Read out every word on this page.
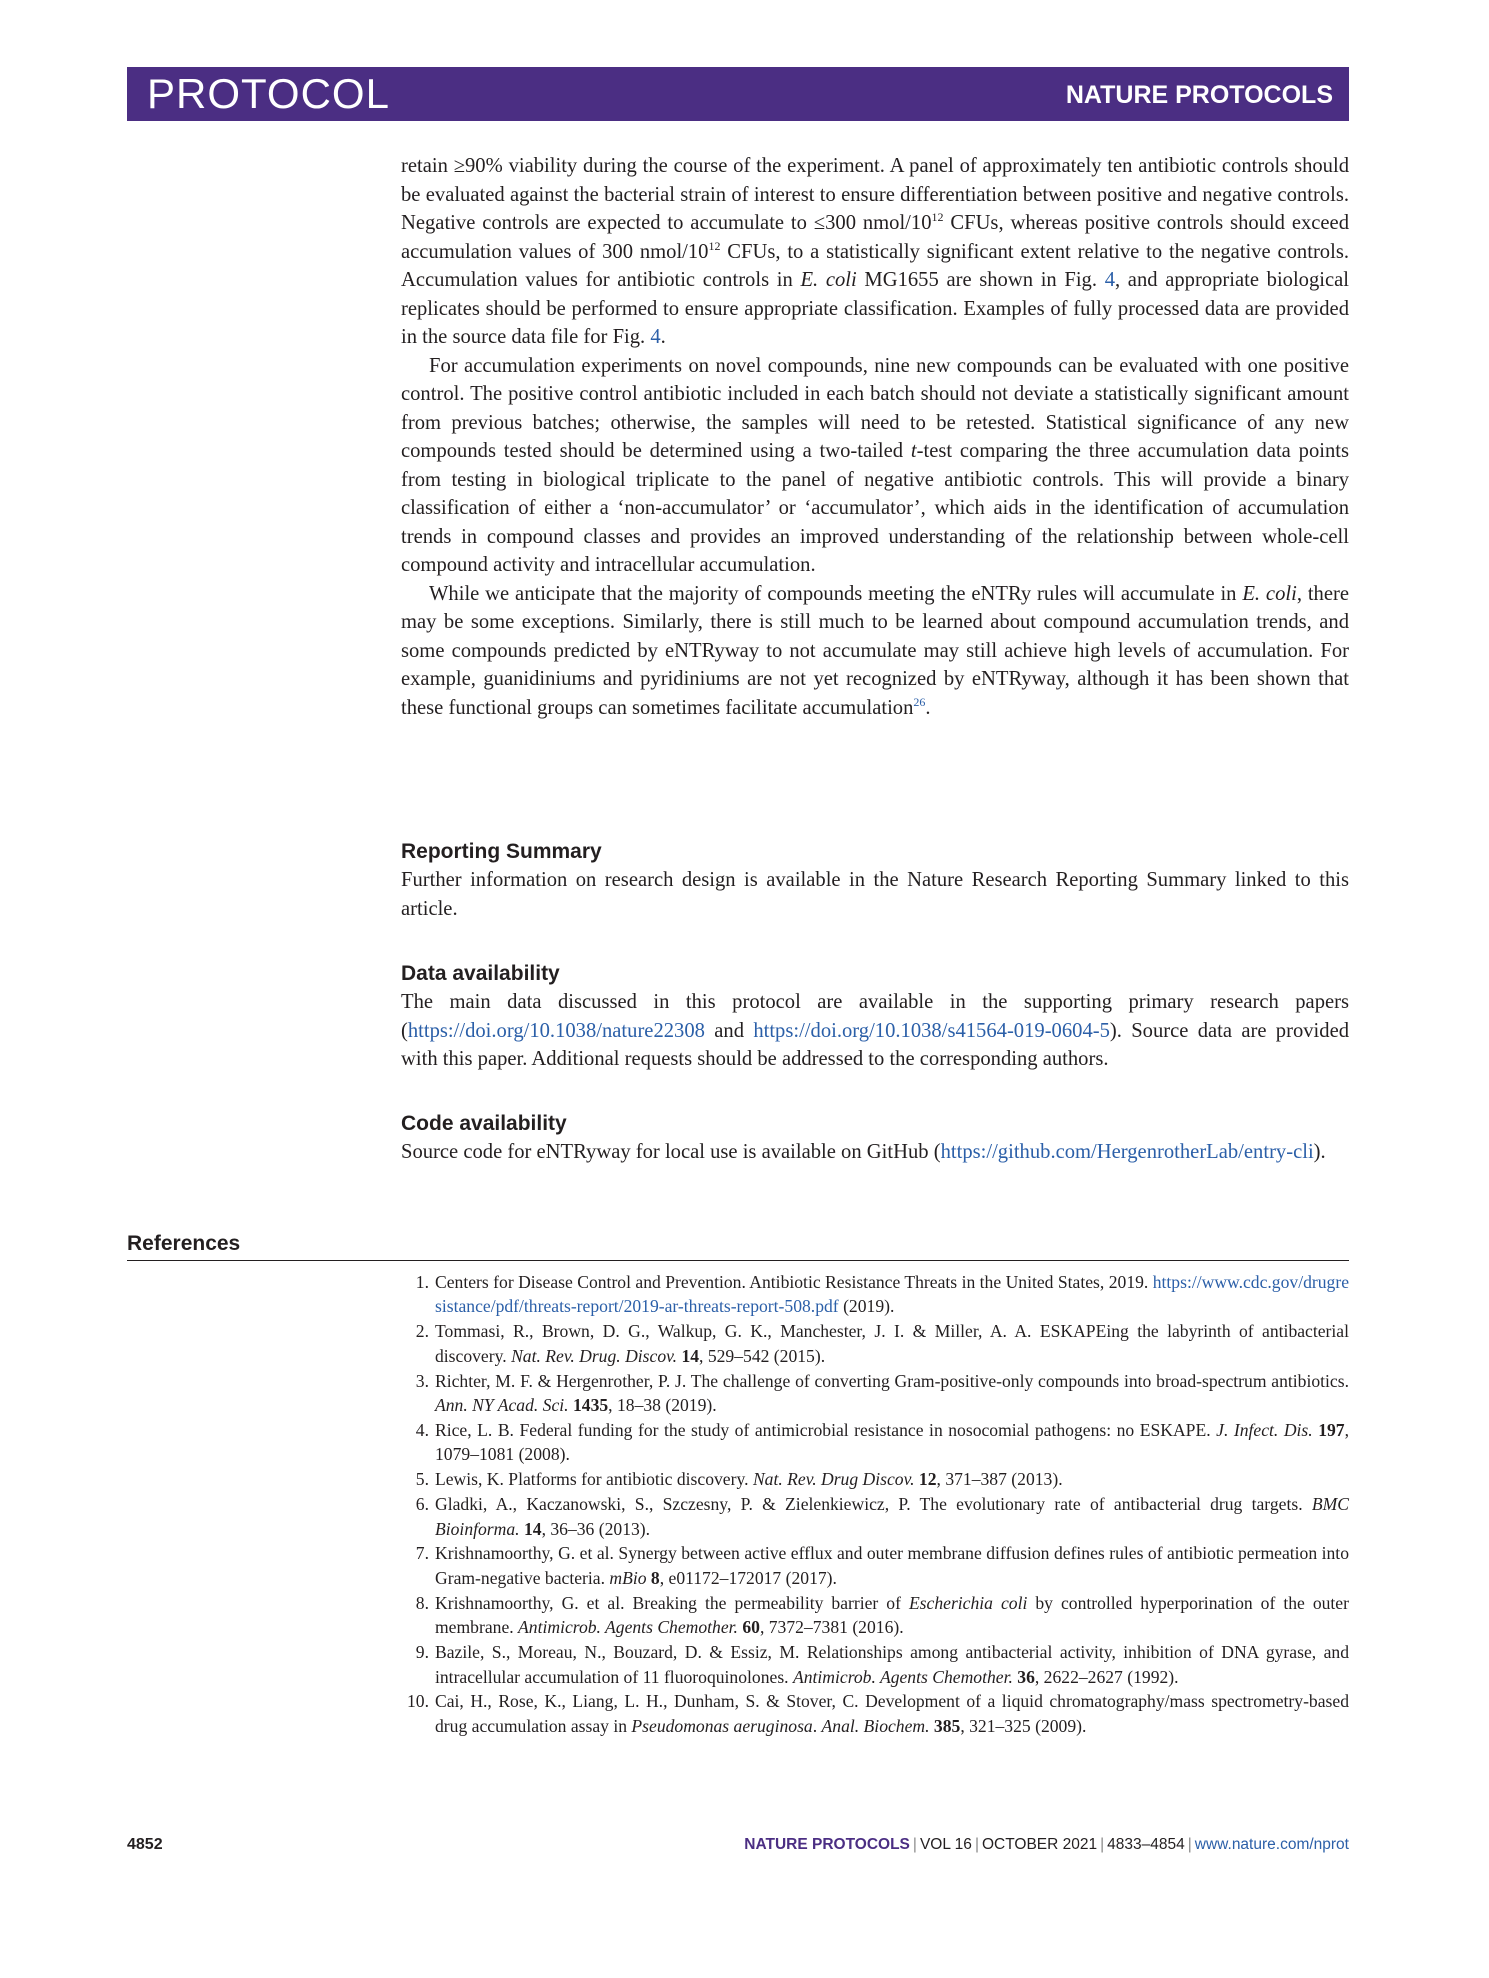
PROTOCOL	NATURE PROTOCOLS

retain ≥90% viability during the course of the experiment. A panel of approximately ten antibiotic controls should be evaluated against the bacterial strain of interest to ensure differentiation between positive and negative controls. Negative controls are expected to accumulate to ≤300 nmol/$10^{12}$ CFUs, whereas positive controls should exceed accumulation values of 300 nmol/$10^{12}$ CFUs, to a statistically significant extent relative to the negative controls. Accumulation values for antibiotic controls in E. coli MG1655 are shown in Fig. 4, and appropriate biological replicates should be performed to ensure appropriate classification. Examples of fully processed data are provided in the source data file for Fig. 4.

For accumulation experiments on novel compounds, nine new compounds can be evaluated with one positive control. The positive control antibiotic included in each batch should not deviate a statistically significant amount from previous batches; otherwise, the samples will need to be retested. Statistical significance of any new compounds tested should be determined using a two-tailed t-test comparing the three accumulation data points from testing in biological triplicate to the panel of negative antibiotic controls. This will provide a binary classification of either a ‘non-accumulator’ or ‘accumulator’, which aids in the identification of accumulation trends in compound classes and provides an improved understanding of the relationship between whole-cell compound activity and intracellular accumulation.

While we anticipate that the majority of compounds meeting the eNTRy rules will accumulate in E. coli, there may be some exceptions. Similarly, there is still much to be learned about compound accumulation trends, and some compounds predicted by eNTRyway to not accumulate may still achieve high levels of accumulation. For example, guanidiniums and pyridiniums are not yet recognized by eNTRyway, although it has been shown that these functional groups can sometimes facilitate accumulation$^{26}$.

Reporting Summary
Further information on research design is available in the Nature Research Reporting Summary linked to this article.
Data availability
The main data discussed in this protocol are available in the supporting primary research papers (https://doi.org/10.1038/nature22308 and https://doi.org/10.1038/s41564-019-0604-5). Source data are provided with this paper. Additional requests should be addressed to the corresponding authors.
Code availability
Source code for eNTRyway for local use is available on GitHub (https://github.com/HergenrotherLab/entry-cli).
References
1. Centers for Disease Control and Prevention. Antibiotic Resistance Threats in the United States, 2019. https://www.cdc.gov/drugresistance/pdf/threats-report/2019-ar-threats-report-508.pdf (2019).
2. Tommasi, R., Brown, D. G., Walkup, G. K., Manchester, J. I. & Miller, A. A. ESKAPEing the labyrinth of antibacterial discovery. Nat. Rev. Drug. Discov. 14, 529–542 (2015).
3. Richter, M. F. & Hergenrother, P. J. The challenge of converting Gram-positive-only compounds into broad-spectrum antibiotics. Ann. NY Acad. Sci. 1435, 18–38 (2019).
4. Rice, L. B. Federal funding for the study of antimicrobial resistance in nosocomial pathogens: no ESKAPE. J. Infect. Dis. 197, 1079–1081 (2008).
5. Lewis, K. Platforms for antibiotic discovery. Nat. Rev. Drug Discov. 12, 371–387 (2013).
6. Gladki, A., Kaczanowski, S., Szczesny, P. & Zielenkiewicz, P. The evolutionary rate of antibacterial drug targets. BMC Bioinforma. 14, 36–36 (2013).
7. Krishnamoorthy, G. et al. Synergy between active efflux and outer membrane diffusion defines rules of antibiotic permeation into Gram-negative bacteria. mBio 8, e01172–172017 (2017).
8. Krishnamoorthy, G. et al. Breaking the permeability barrier of Escherichia coli by controlled hyperporination of the outer membrane. Antimicrob. Agents Chemother. 60, 7372–7381 (2016).
9. Bazile, S., Moreau, N., Bouzard, D. & Essiz, M. Relationships among antibacterial activity, inhibition of DNA gyrase, and intracellular accumulation of 11 fluoroquinolones. Antimicrob. Agents Chemother. 36, 2622–2627 (1992).
10. Cai, H., Rose, K., Liang, L. H., Dunham, S. & Stover, C. Development of a liquid chromatography/mass spectrometry-based drug accumulation assay in Pseudomonas aeruginosa. Anal. Biochem. 385, 321–325 (2009).
4852	NATURE PROTOCOLS | VOL 16 | OCTOBER 2021 | 4833–4854 | www.nature.com/nprot
